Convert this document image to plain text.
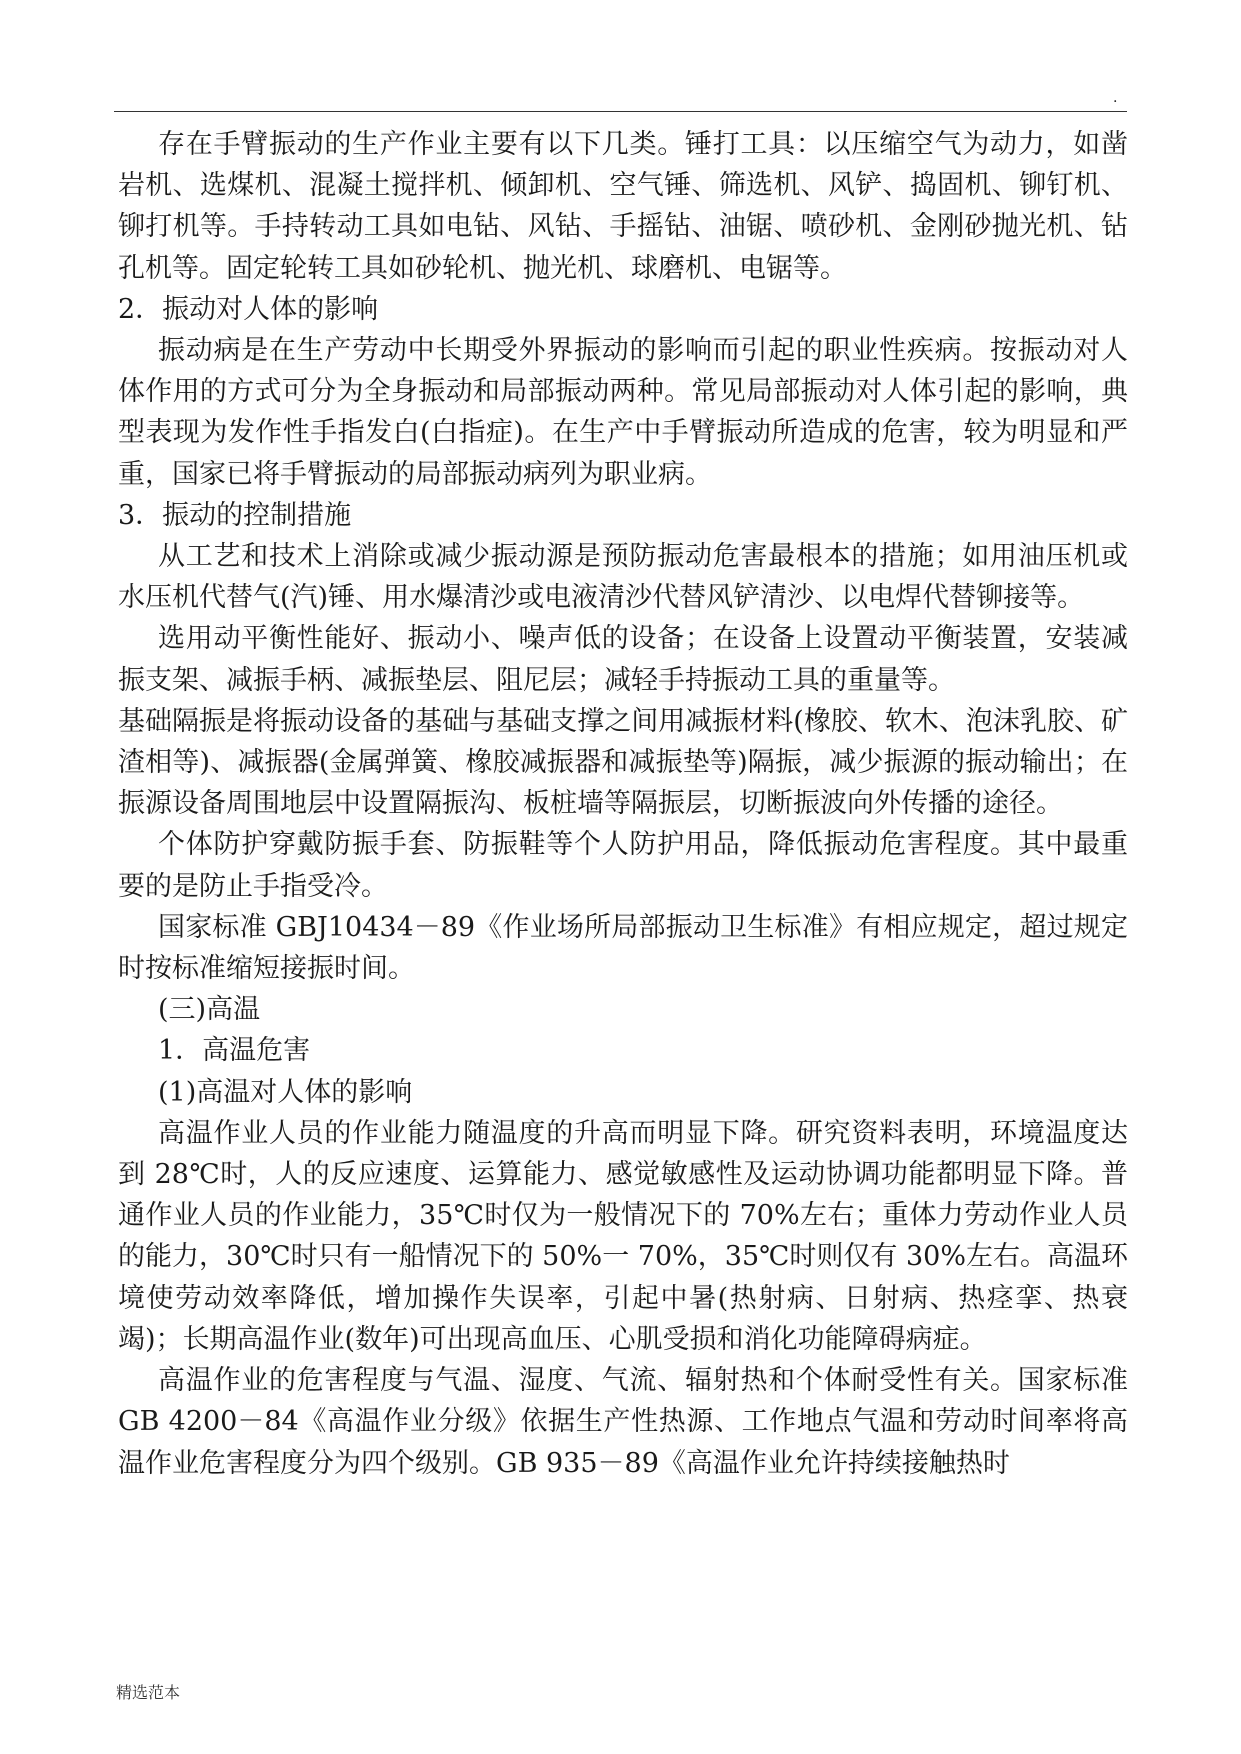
.

存在手臂振动的生产作业主要有以下几类。锤打工具：以压缩空气为动力，如凿岩机、选煤机、混凝土搅拌机、倾卸机、空气锤、筛选机、风铲、捣固机、铆钉机、铆打机等。手持转动工具如电钻、风钻、手摇钻、油锯、喷砂机、金刚砂抛光机、钻孔机等。固定轮转工具如砂轮机、抛光机、球磨机、电锯等。

2．振动对人体的影响

振动病是在生产劳动中长期受外界振动的影响而引起的职业性疾病。按振动对人体作用的方式可分为全身振动和局部振动两种。常见局部振动对人体引起的影响，典型表现为发作性手指发白(白指症)。在生产中手臂振动所造成的危害，较为明显和严重，国家已将手臂振动的局部振动病列为职业病。

3．振动的控制措施

从工艺和技术上消除或减少振动源是预防振动危害最根本的措施；如用油压机或水压机代替气(汽)锤、用水爆清沙或电液清沙代替风铲清沙、以电焊代替铆接等。

选用动平衡性能好、振动小、噪声低的设备；在设备上设置动平衡装置，安装减振支架、减振手柄、减振垫层、阻尼层；减轻手持振动工具的重量等。

基础隔振是将振动设备的基础与基础支撑之间用减振材料(橡胶、软木、泡沫乳胶、矿渣相等)、减振器(金属弹簧、橡胶减振器和减振垫等)隔振，减少振源的振动输出；在振源设备周围地层中设置隔振沟、板桩墙等隔振层，切断振波向外传播的途径。

个体防护穿戴防振手套、防振鞋等个人防护用品，降低振动危害程度。其中最重要的是防止手指受冷。

国家标准 GBJ10434－89《作业场所局部振动卫生标准》有相应规定，超过规定时按标准缩短接振时间。

(三)高温

1．高温危害

(1)高温对人体的影响

高温作业人员的作业能力随温度的升高而明显下降。研究资料表明，环境温度达到 28℃时，人的反应速度、运算能力、感觉敏感性及运动协调功能都明显下降。普通作业人员的作业能力，35℃时仅为一般情况下的 70%左右；重体力劳动作业人员的能力，30℃时只有一船情况下的 50%一 70%，35℃时则仅有 30%左右。高温环境使劳动效率降低，增加操作失误率，引起中暑(热射病、日射病、热痉挛、热衰竭)；长期高温作业(数年)可出现高血压、心肌受损和消化功能障碍病症。

高温作业的危害程度与气温、湿度、气流、辐射热和个体耐受性有关。国家标准 GB 4200－84《高温作业分级》依据生产性热源、工作地点气温和劳动时间率将高温作业危害程度分为四个级别。GB 935－89《高温作业允许持续接触热时

精选范本
